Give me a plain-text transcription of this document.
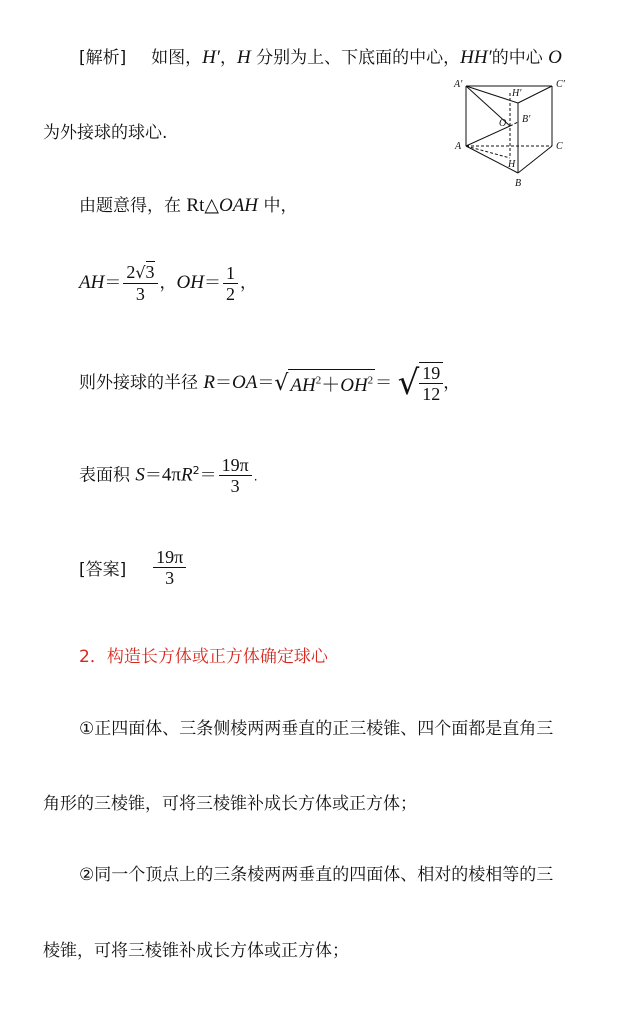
[解析] 如图，H′，H 分别为上、下底面的中心，HH′的中心 O
为外接球的球心.
A′
H′
C′
B′
O
A
H
C
B
由题意得，在 Rt△OAH 中，
$AH= \frac{2√3}{3}$ ，$OH= \frac{1}{2}$ ，
则外接球的半径 R＝OA＝√ $AH^2+OH^2$ ＝ √ $\frac{19}{12}$ ，
表面积 $S=4\pi R^2= \frac{19\pi}{3}$ .
[答案] $\frac{19\pi}{3}$
2．构造长方体或正方体确定球心
①正四面体、三条侧棱两两垂直的正三棱锥、四个面都是直角三
角形的三棱锥，可将三棱锥补成长方体或正方体；
②同一个顶点上的三条棱两两垂直的四面体、相对的棱相等的三
棱锥，可将三棱锥补成长方体或正方体；
